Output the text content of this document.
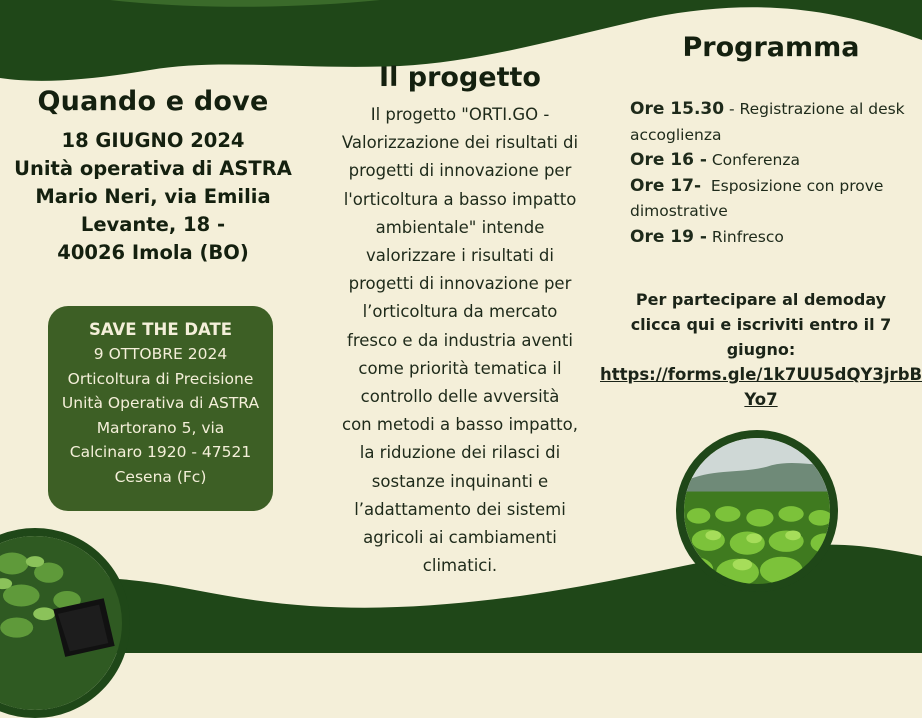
Quando e dove
18 GIUGNO 2024
Unità operativa di ASTRA
Mario Neri, via Emilia
Levante, 18 -
40026 Imola (BO)
SAVE THE DATE
9 OTTOBRE 2024
Orticoltura di Precisione
Unità Operativa di ASTRA
Martorano 5, via
Calcinaro 1920 - 47521
Cesena (Fc)
Il progetto
Il progetto "ORTI.GO -
Valorizzazione dei risultati di
progetti di innovazione per
l'orticoltura a basso impatto
ambientale" intende
valorizzare i risultati di
progetti di innovazione per
l’orticoltura da mercato
fresco e da industria aventi
come priorità tematica il
controllo delle avversità
con metodi a basso impatto,
la riduzione dei rilasci di
sostanze inquinanti e
l’adattamento dei sistemi
agricoli ai cambiamenti
climatici.
Programma
Ore 15.30 - Registrazione al desk
accoglienza
Ore 16 - Conferenza
Ore 17-  Esposizione con prove
dimostrative
Ore 19 - Rinfresco
Per partecipare al demoday
clicca qui e iscriviti entro il 7
giugno:
https://forms.gle/1k7UU5dQY3jrbB
Yo7
